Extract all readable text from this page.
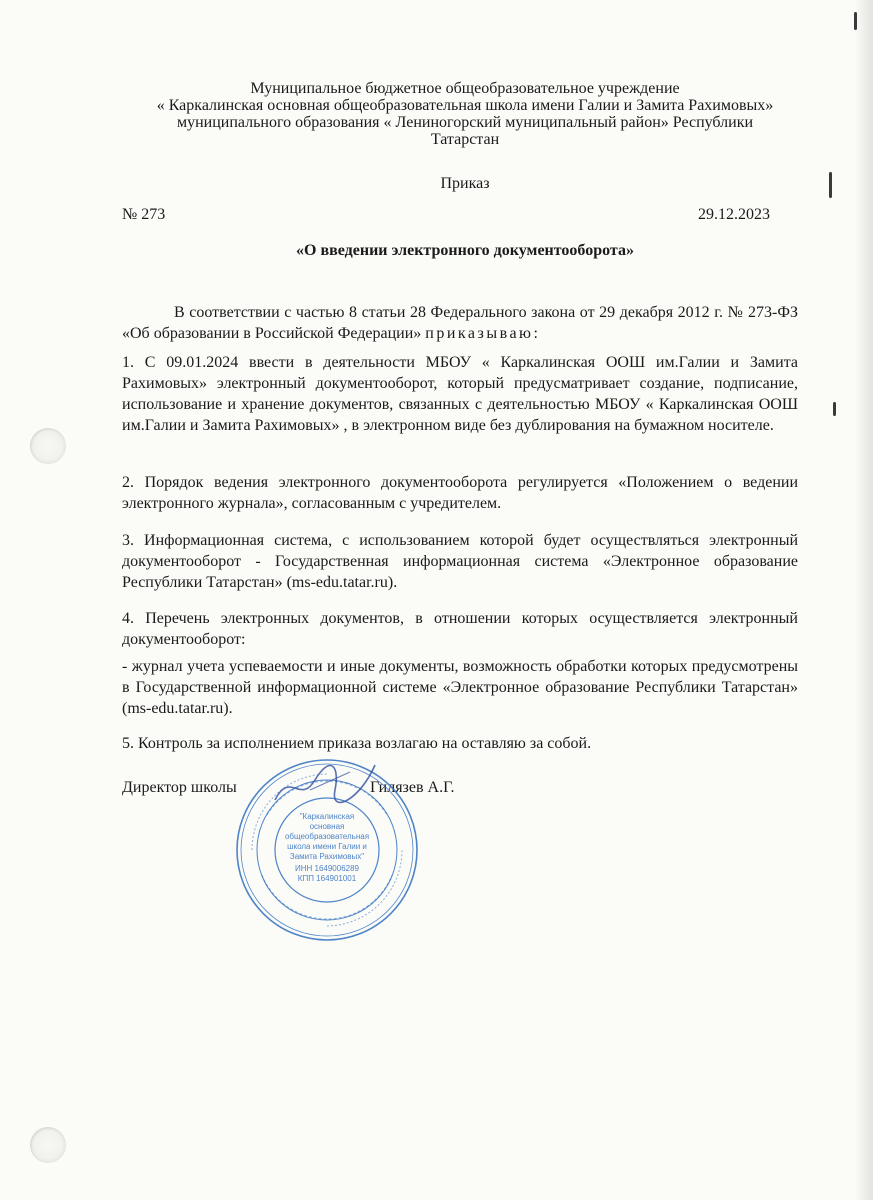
Муниципальное бюджетное общеобразовательное учреждение
« Каркалинская основная общеобразовательная школа имени Галии и Замита Рахимовых»
муниципального образования « Лениногорский муниципальный район» Республики
Татарстан
Приказ
№ 273	29.12.2023
«О введении электронного документооборота»

В соответствии с частью 8 статьи 28 Федерального закона от 29 декабря 2012 г. № 273-ФЗ «Об образовании в Российской Федерации» приказываю:

1. С 09.01.2024 ввести в деятельности МБОУ « Каркалинская ООШ им.Галии и Замита Рахимовых» электронный документооборот, который предусматривает создание, подписание, использование и хранение документов, связанных с деятельностью МБОУ « Каркалинская ООШ им.Галии и Замита Рахимовых» , в электронном виде без дублирования на бумажном носителе.

2. Порядок ведения электронного документооборота регулируется «Положением о ведении электронного журнала», согласованным с учредителем.

3. Информационная система, с использованием которой будет осуществляться электронный документооборот - Государственная информационная система «Электронное образование Республики Татарстан» (ms-edu.tatar.ru).

4. Перечень электронных документов, в отношении которых осуществляется электронный документооборот:

- журнал учета успеваемости и иные документы, возможность обработки которых предусмотрены в Государственной информационной системе «Электронное образование Республики Татарстан» (ms-edu.tatar.ru).

5. Контроль за исполнением приказа возлагаю на оставляю за собой.

Директор школы	Гилязев А.Г.
"Каркалинская
основная
общеобразовательная
школа имени Галии и
Замита Рахимовых"
ИНН 1649006289
КПП 164901001
